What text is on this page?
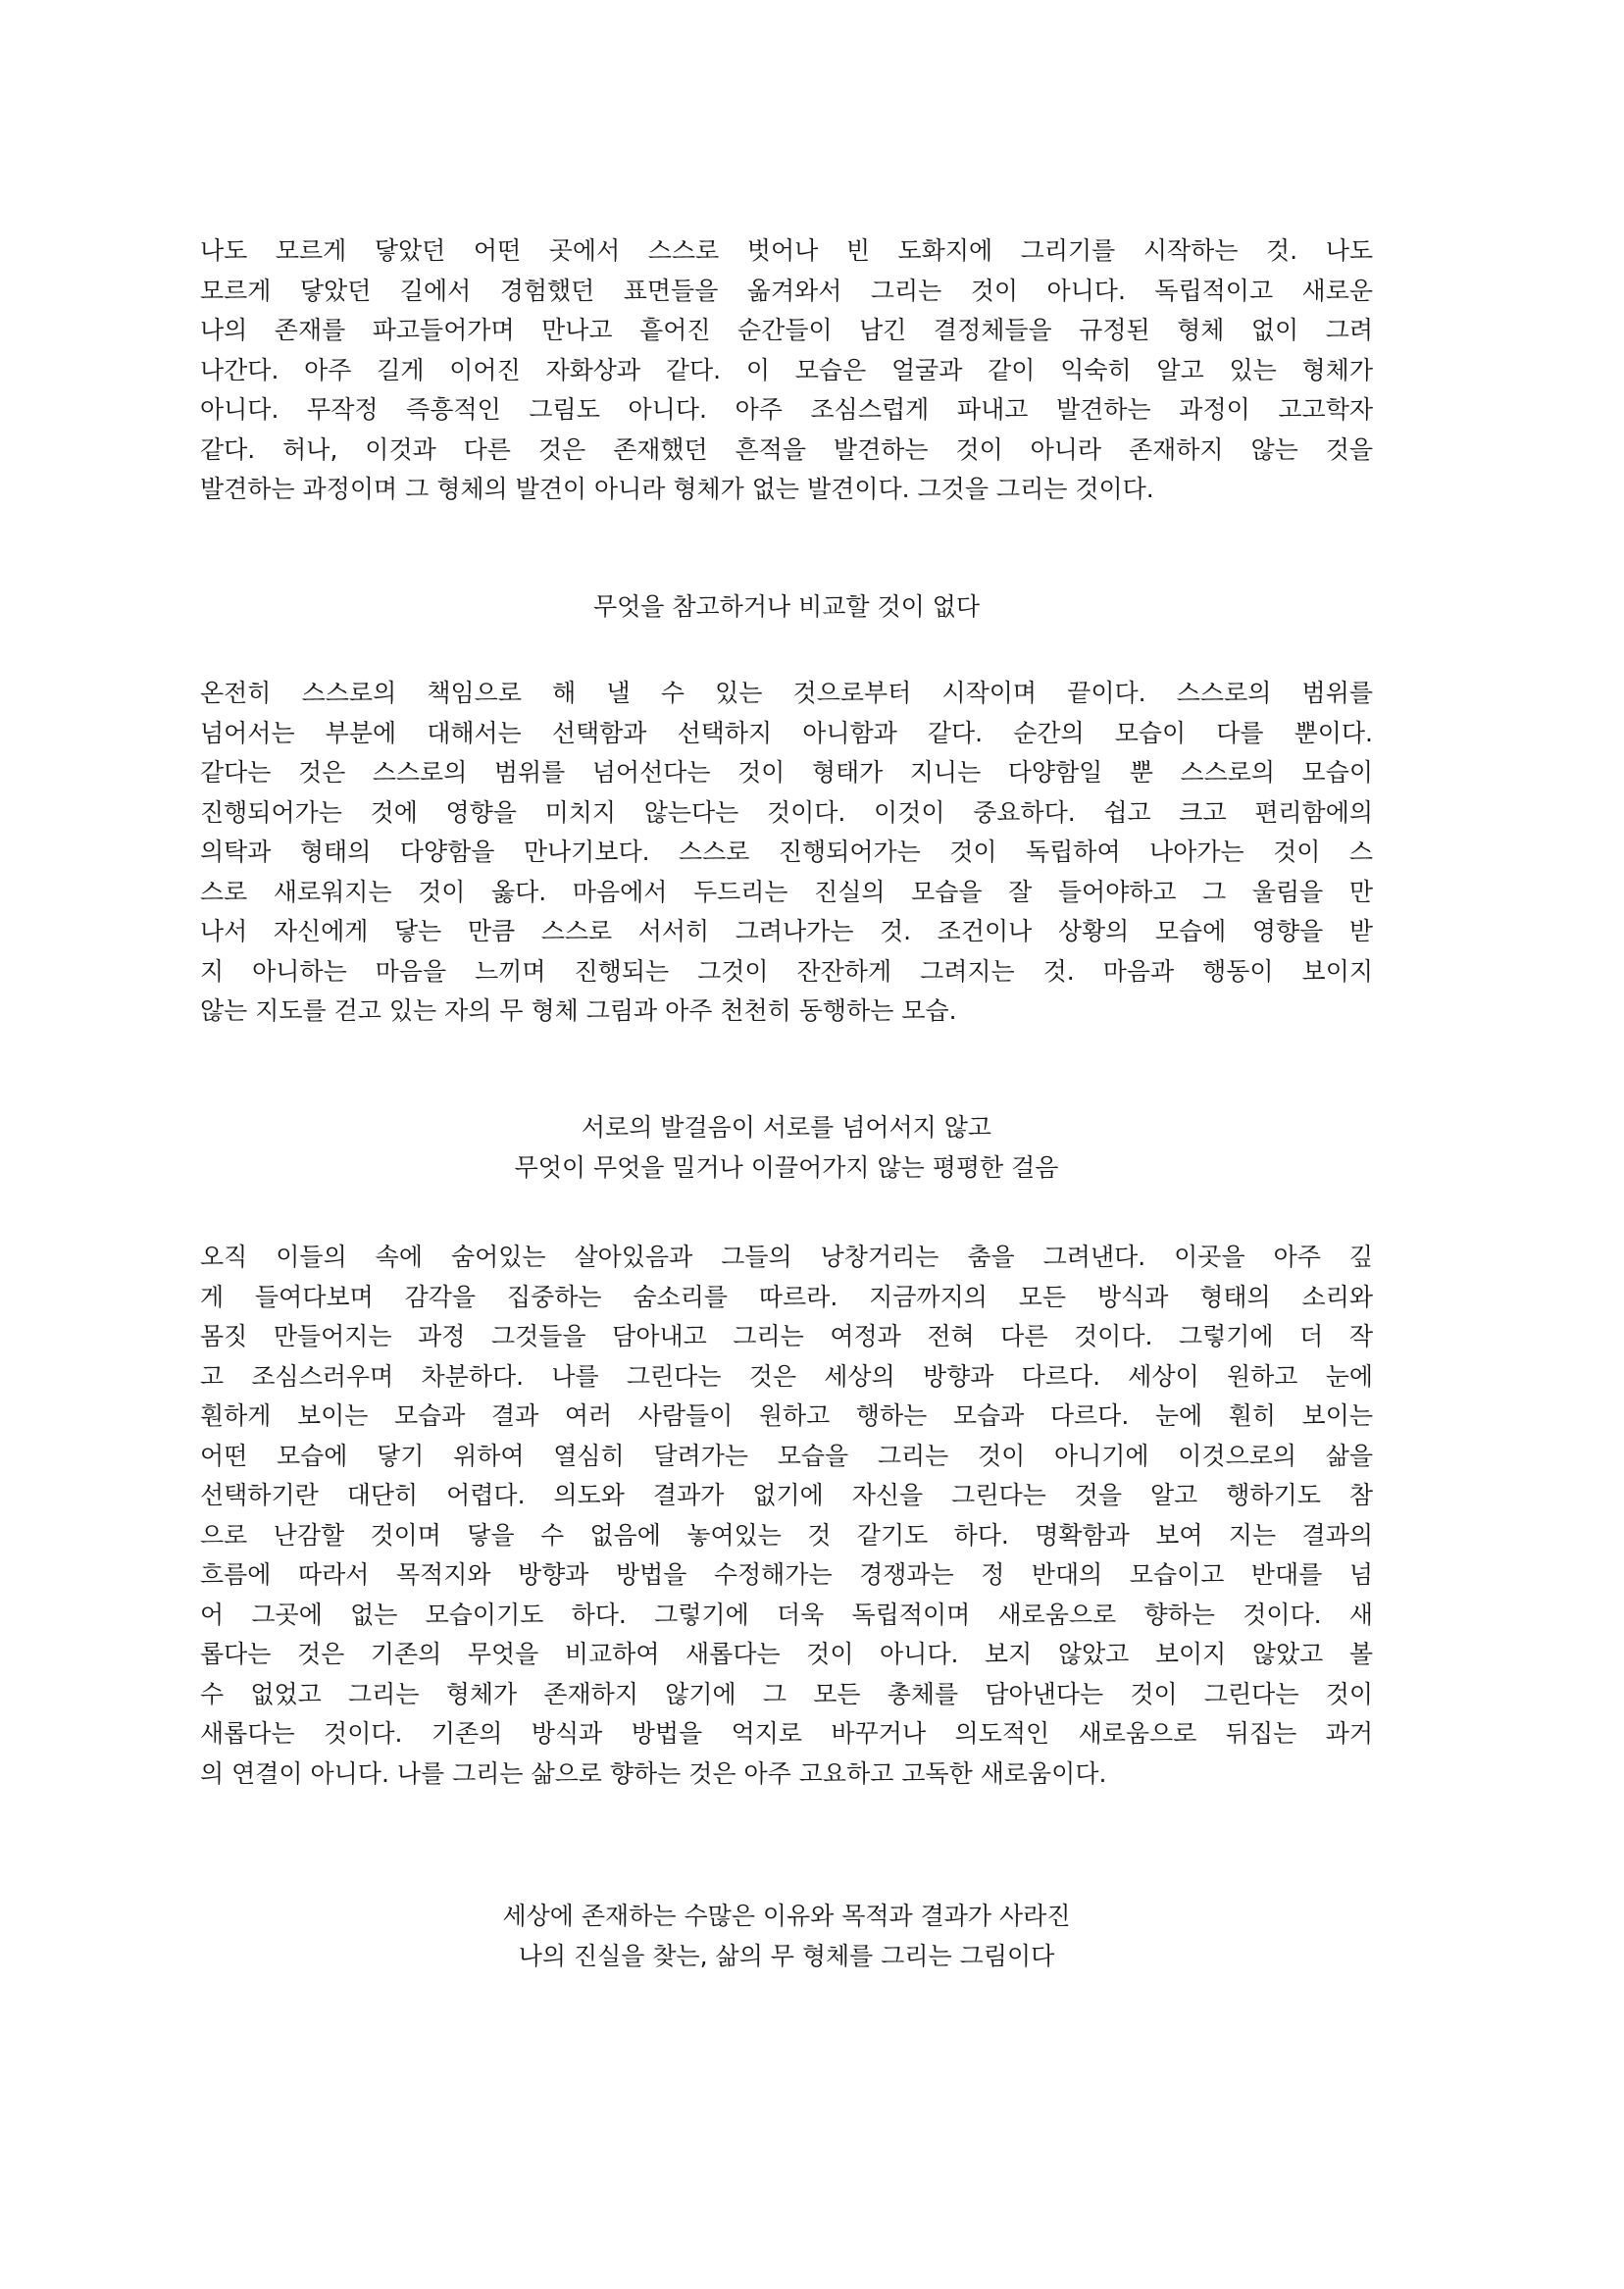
나도 모르게 닿았던 어떤 곳에서 스스로 벗어나 빈 도화지에 그리기를 시작하는 것. 나도
모르게 닿았던 길에서 경험했던 표면들을 옮겨와서 그리는 것이 아니다. 독립적이고 새로운
나의 존재를 파고들어가며 만나고 흩어진 순간들이 남긴 결정체들을 규정된 형체 없이 그려
나간다. 아주 길게 이어진 자화상과 같다. 이 모습은 얼굴과 같이 익숙히 알고 있는 형체가
아니다. 무작정 즉흥적인 그림도 아니다. 아주 조심스럽게 파내고 발견하는 과정이 고고학자
같다. 허나, 이것과 다른 것은 존재했던 흔적을 발견하는 것이 아니라 존재하지 않는 것을
발견하는 과정이며 그 형체의 발견이 아니라 형체가 없는 발견이다. 그것을 그리는 것이다.
무엇을 참고하거나 비교할 것이 없다
온전히 스스로의 책임으로 해 낼 수 있는 것으로부터 시작이며 끝이다. 스스로의 범위를
넘어서는 부분에 대해서는 선택함과 선택하지 아니함과 같다. 순간의 모습이 다를 뿐이다.
같다는 것은 스스로의 범위를 넘어선다는 것이 형태가 지니는 다양함일 뿐 스스로의 모습이
진행되어가는 것에 영향을 미치지 않는다는 것이다. 이것이 중요하다. 쉽고 크고 편리함에의
의탁과 형태의 다양함을 만나기보다. 스스로 진행되어가는 것이 독립하여 나아가는 것이 스
스로 새로워지는 것이 옳다. 마음에서 두드리는 진실의 모습을 잘 들어야하고 그 울림을 만
나서 자신에게 닿는 만큼 스스로 서서히 그려나가는 것. 조건이나 상황의 모습에 영향을 받
지 아니하는 마음을 느끼며 진행되는 그것이 잔잔하게 그려지는 것. 마음과 행동이 보이지
않는 지도를 걷고 있는 자의 무 형체 그림과 아주 천천히 동행하는 모습.
서로의 발걸음이 서로를 넘어서지 않고
무엇이 무엇을 밀거나 이끌어가지 않는 평평한 걸음
오직 이들의 속에 숨어있는 살아있음과 그들의 낭창거리는 춤을 그려낸다. 이곳을 아주 깊
게 들여다보며 감각을 집중하는 숨소리를 따르라. 지금까지의 모든 방식과 형태의 소리와
몸짓 만들어지는 과정 그것들을 담아내고 그리는 여정과 전혀 다른 것이다. 그렇기에 더 작
고 조심스러우며 차분하다. 나를 그린다는 것은 세상의 방향과 다르다. 세상이 원하고 눈에
훤하게 보이는 모습과 결과 여러 사람들이 원하고 행하는 모습과 다르다. 눈에 훤히 보이는
어떤 모습에 닿기 위하여 열심히 달려가는 모습을 그리는 것이 아니기에 이것으로의 삶을
선택하기란 대단히 어렵다. 의도와 결과가 없기에 자신을 그린다는 것을 알고 행하기도 참
으로 난감할 것이며 닿을 수 없음에 놓여있는 것 같기도 하다. 명확함과 보여 지는 결과의
흐름에 따라서 목적지와 방향과 방법을 수정해가는 경쟁과는 정 반대의 모습이고 반대를 넘
어 그곳에 없는 모습이기도 하다. 그렇기에 더욱 독립적이며 새로움으로 향하는 것이다. 새
롭다는 것은 기존의 무엇을 비교하여 새롭다는 것이 아니다. 보지 않았고 보이지 않았고 볼
수 없었고 그리는 형체가 존재하지 않기에 그 모든 총체를 담아낸다는 것이 그린다는 것이
새롭다는 것이다. 기존의 방식과 방법을 억지로 바꾸거나 의도적인 새로움으로 뒤집는 과거
의 연결이 아니다. 나를 그리는 삶으로 향하는 것은 아주 고요하고 고독한 새로움이다.
세상에 존재하는 수많은 이유와 목적과 결과가 사라진
나의 진실을 찾는, 삶의 무 형체를 그리는 그림이다
